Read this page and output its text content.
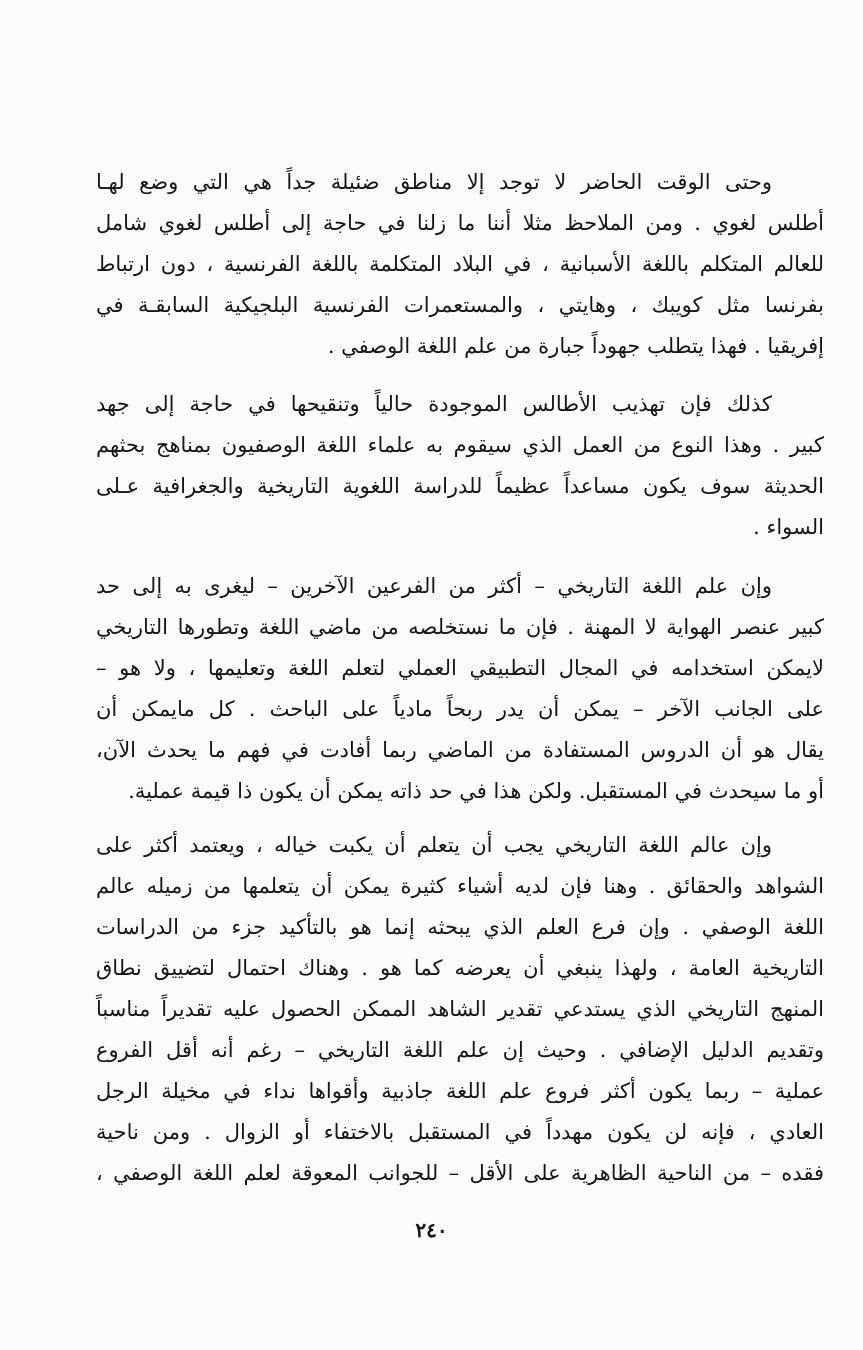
وحتى الوقت الحاضر لا توجد إلا مناطق ضئيلة جداً هي التي وضع لهـا
أطلس لغوي . ومن الملاحظ مثلا أننا ما زلنا في حاجة إلى أطلس لغوي شامل
للعالم المتكلم باللغة الأسبانية ، في البلاد المتكلمة باللغة الفرنسية ، دون ارتباط
بفرنسا مثل كويبك ، وهايتي ، والمستعمرات الفرنسية البلجيكية السابقـة في
إفريقيا . فهذا يتطلب جهوداً جبارة من علم اللغة الوصفي .
كذلك فإن تهذيب الأطالس الموجودة حالياً وتنقيحها في حاجة إلى جهد
كبير . وهذا النوع من العمل الذي سيقوم به علماء اللغة الوصفيون بمناهج بحثهم
الحديثة سوف يكون مساعداً عظيماً للدراسة اللغوية التاريخية والجغرافية عـلى
السواء .
وإن علم اللغة التاريخي – أكثر من الفرعين الآخرين – ليغرى به إلى حد
كبير عنصر الهواية لا المهنة . فإن ما نستخلصه من ماضي اللغة وتطورها التاريخي
لايمكن استخدامه في المجال التطبيقي العملي لتعلم اللغة وتعليمها ، ولا هو –
على الجانب الآخر – يمكن أن يدر ربحاً مادياً على الباحث . كل مايمكن أن
يقال هو أن الدروس المستفادة من الماضي ربما أفادت في فهم ما يحدث الآن،
أو ما سيحدث في المستقبل. ولكن هذا في حد ذاته يمكن أن يكون ذا قيمة عملية.
وإن عالم اللغة التاريخي يجب أن يتعلم أن يكبت خياله ، ويعتمد أكثر على
الشواهد والحقائق . وهنا فإن لديه أشياء كثيرة يمكن أن يتعلمها من زميله عالم
اللغة الوصفي . وإن فرع العلم الذي يبحثه إنما هو بالتأكيد جزء من الدراسات
التاريخية العامة ، ولهذا ينبغي أن يعرضه كما هو . وهناك احتمال لتضييق نطاق
المنهج التاريخي الذي يستدعي تقدير الشاهد الممكن الحصول عليه تقديراً مناسباً
وتقديم الدليل الإضافي . وحيث إن علم اللغة التاريخي – رغم أنه أقل الفروع
عملية – ربما يكون أكثر فروع علم اللغة جاذبية وأقواها نداء في مخيلة الرجل
العادي ، فإنه لن يكون مهدداً في المستقبل بالاختفاء أو الزوال . ومن ناحية
فقده – من الناحية الظاهرية على الأقل – للجوانب المعوقة لعلم اللغة الوصفي ،
٢٤٠
